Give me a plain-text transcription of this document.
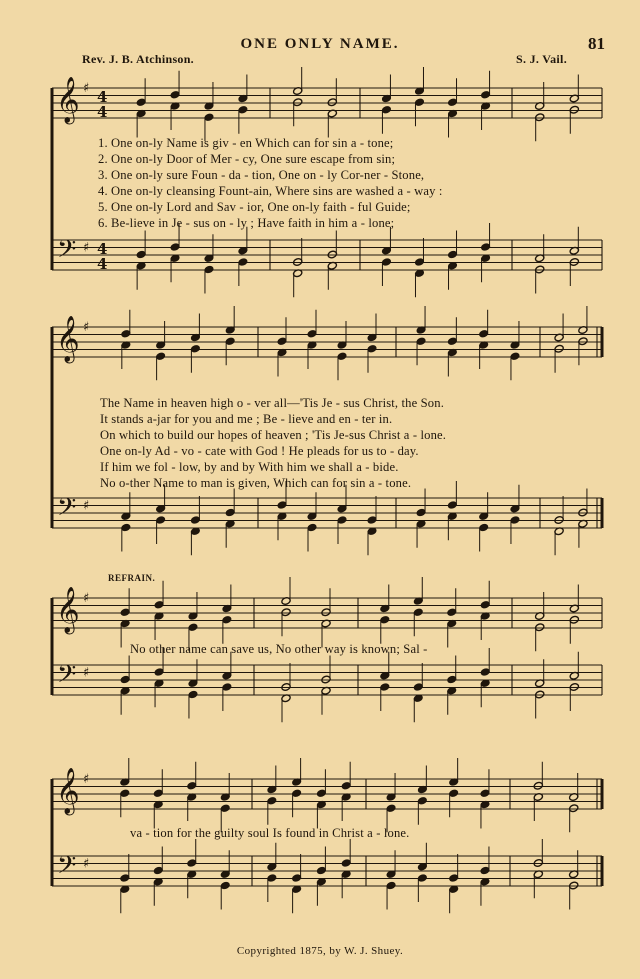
ONE ONLY NAME.	81
Rev. J. B. Atchinson.	S. J. Vail.
𝄞
𝄢
♯
♯
4
4
4
4
𝄞
𝄢
♯
♯
𝄞
𝄢
♯
♯
𝄞
𝄢
♯
♯
1. One on-ly Name is giv - en Which can for sin a - tone;
2. One on-ly Door of Mer - cy, One sure escape from sin;
3. One on-ly sure Foun - da - tion, One on - ly Cor-ner - Stone,
4. One on-ly cleansing Fount-ain, Where sins are washed a - way :
5. One on-ly Lord and Sav - ior, One on-ly faith - ful Guide;
6. Be-lieve in Je - sus on - ly ; Have faith in him a - lone;
The Name in heaven high o - ver all—'Tis Je - sus Christ, the Son.
It stands a-jar for you and me ; Be - lieve and en - ter in.
On which to build our hopes of heaven ; 'Tis Je-sus Christ a - lone.
One on-ly Ad - vo - cate with God ! He pleads for us to - day.
If him we fol - low, by and by With him we shall a - bide.
No o-ther Name to man is given, Which can for sin a - tone.
REFRAIN.
No other name can save us, No other way is known; Sal -
va - tion for the guilty soul Is found in Christ a - lone.
Copyrighted 1875, by W. J. Shuey.
